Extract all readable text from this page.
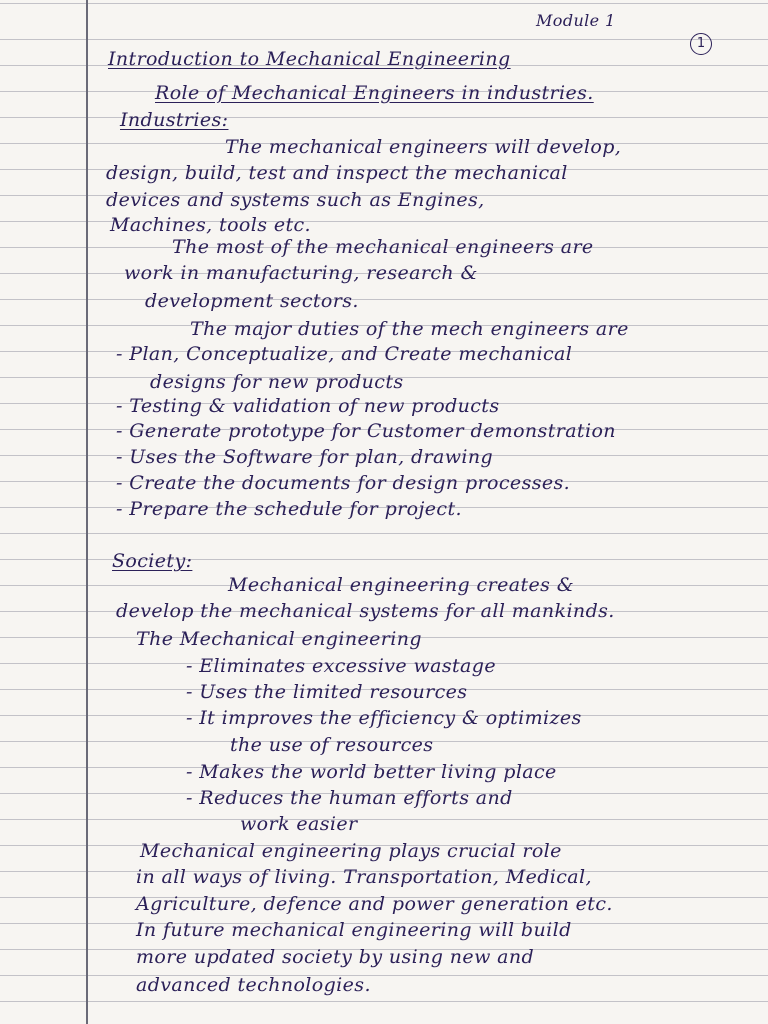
Module 1
1
Introduction to Mechanical Engineering
Role of Mechanical Engineers in industries.
Industries:
The mechanical engineers will develop,
design, build, test and inspect the mechanical
devices and systems such as Engines,
Machines, tools etc.
The most of the mechanical engineers are
work in manufacturing, research &
development sectors.
The major duties of the mech engineers are
- Plan, Conceptualize, and Create mechanical
designs for new products
- Testing & validation of new products
- Generate prototype for Customer demonstration
- Uses the Software for plan, drawing
- Create the documents for design processes.
- Prepare the schedule for project.
Society:
Mechanical engineering creates &
develop the mechanical systems for all mankinds.
The Mechanical engineering
- Eliminates excessive wastage
- Uses the limited resources
- It improves the efficiency & optimizes
the use of resources
- Makes the world better living place
- Reduces the human efforts and
work easier
Mechanical engineering plays crucial role
in all ways of living. Transportation, Medical,
Agriculture, defence and power generation etc.
In future mechanical engineering will build
more updated society by using new and
advanced technologies.
